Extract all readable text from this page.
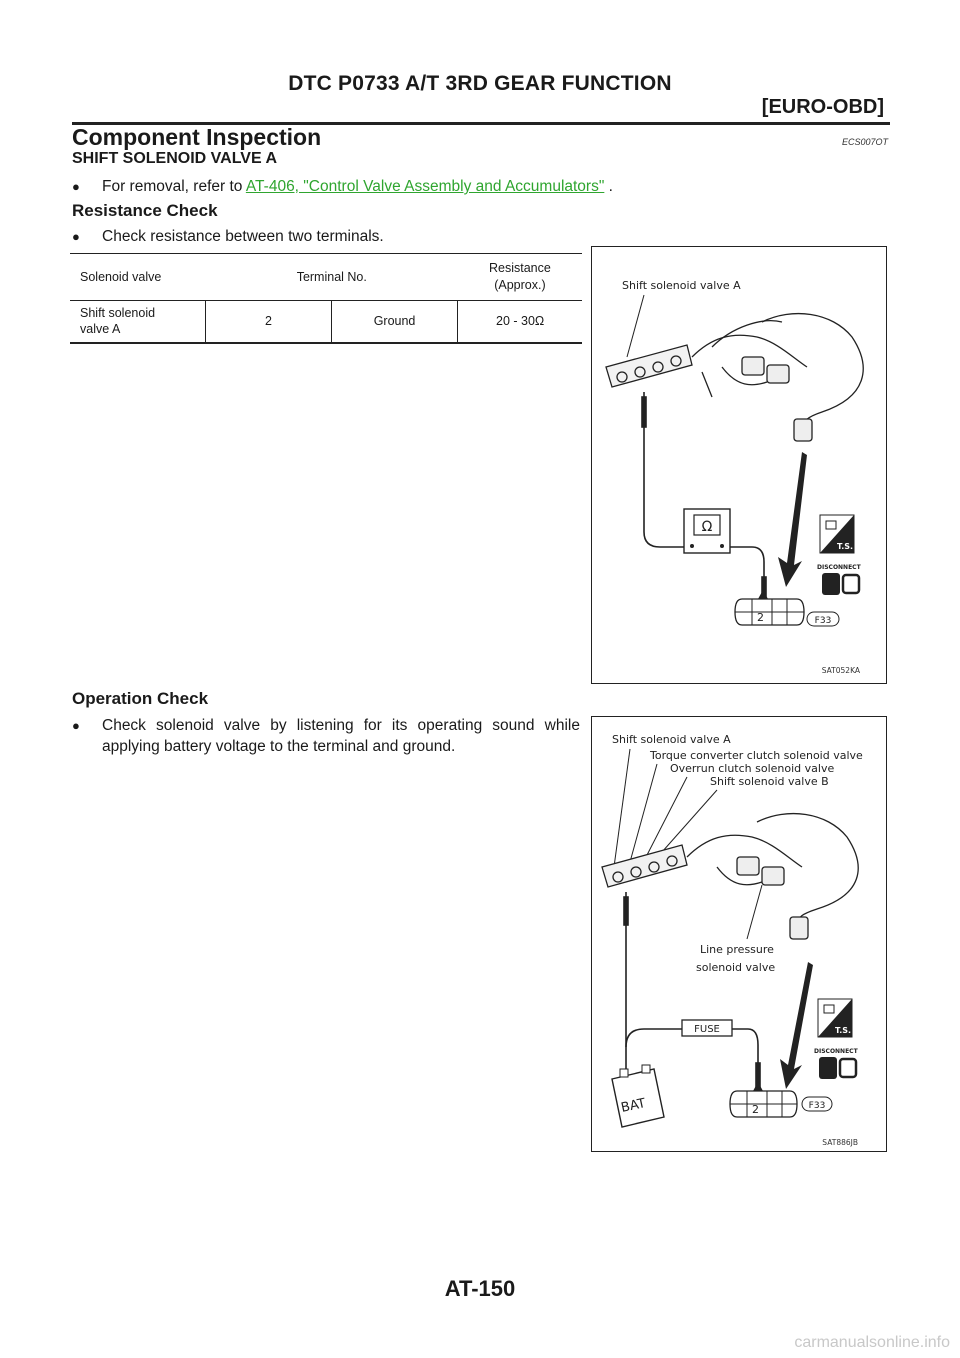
DTC P0733 A/T 3RD GEAR FUNCTION
[EURO-OBD]
Component Inspection	ECS007OT
SHIFT SOLENOID VALVE A
● For removal, refer to AT-406, "Control Valve Assembly and Accumulators" .
Resistance Check
● Check resistance between two terminals.
Solenoid valve	Terminal No.		Resistance
(Approx.)

Shift solenoid
valve A	2	Ground	20 - 30Ω
Shift solenoid valve A
Ω
2	F33
T.S.
DISCONNECT
SAT052KA
Operation Check
● Check solenoid valve by listening for its operating sound while
applying battery voltage to the terminal and ground.	Shift solenoid valve A
Torque converter clutch solenoid valve
Overrun clutch solenoid valve
Shift solenoid valve B
Line pressure
solenoid valve
FUSE
BAT	2	F33
T.S.
DISCONNECT
SAT886JB
AT-150
carmanualsonline.info
